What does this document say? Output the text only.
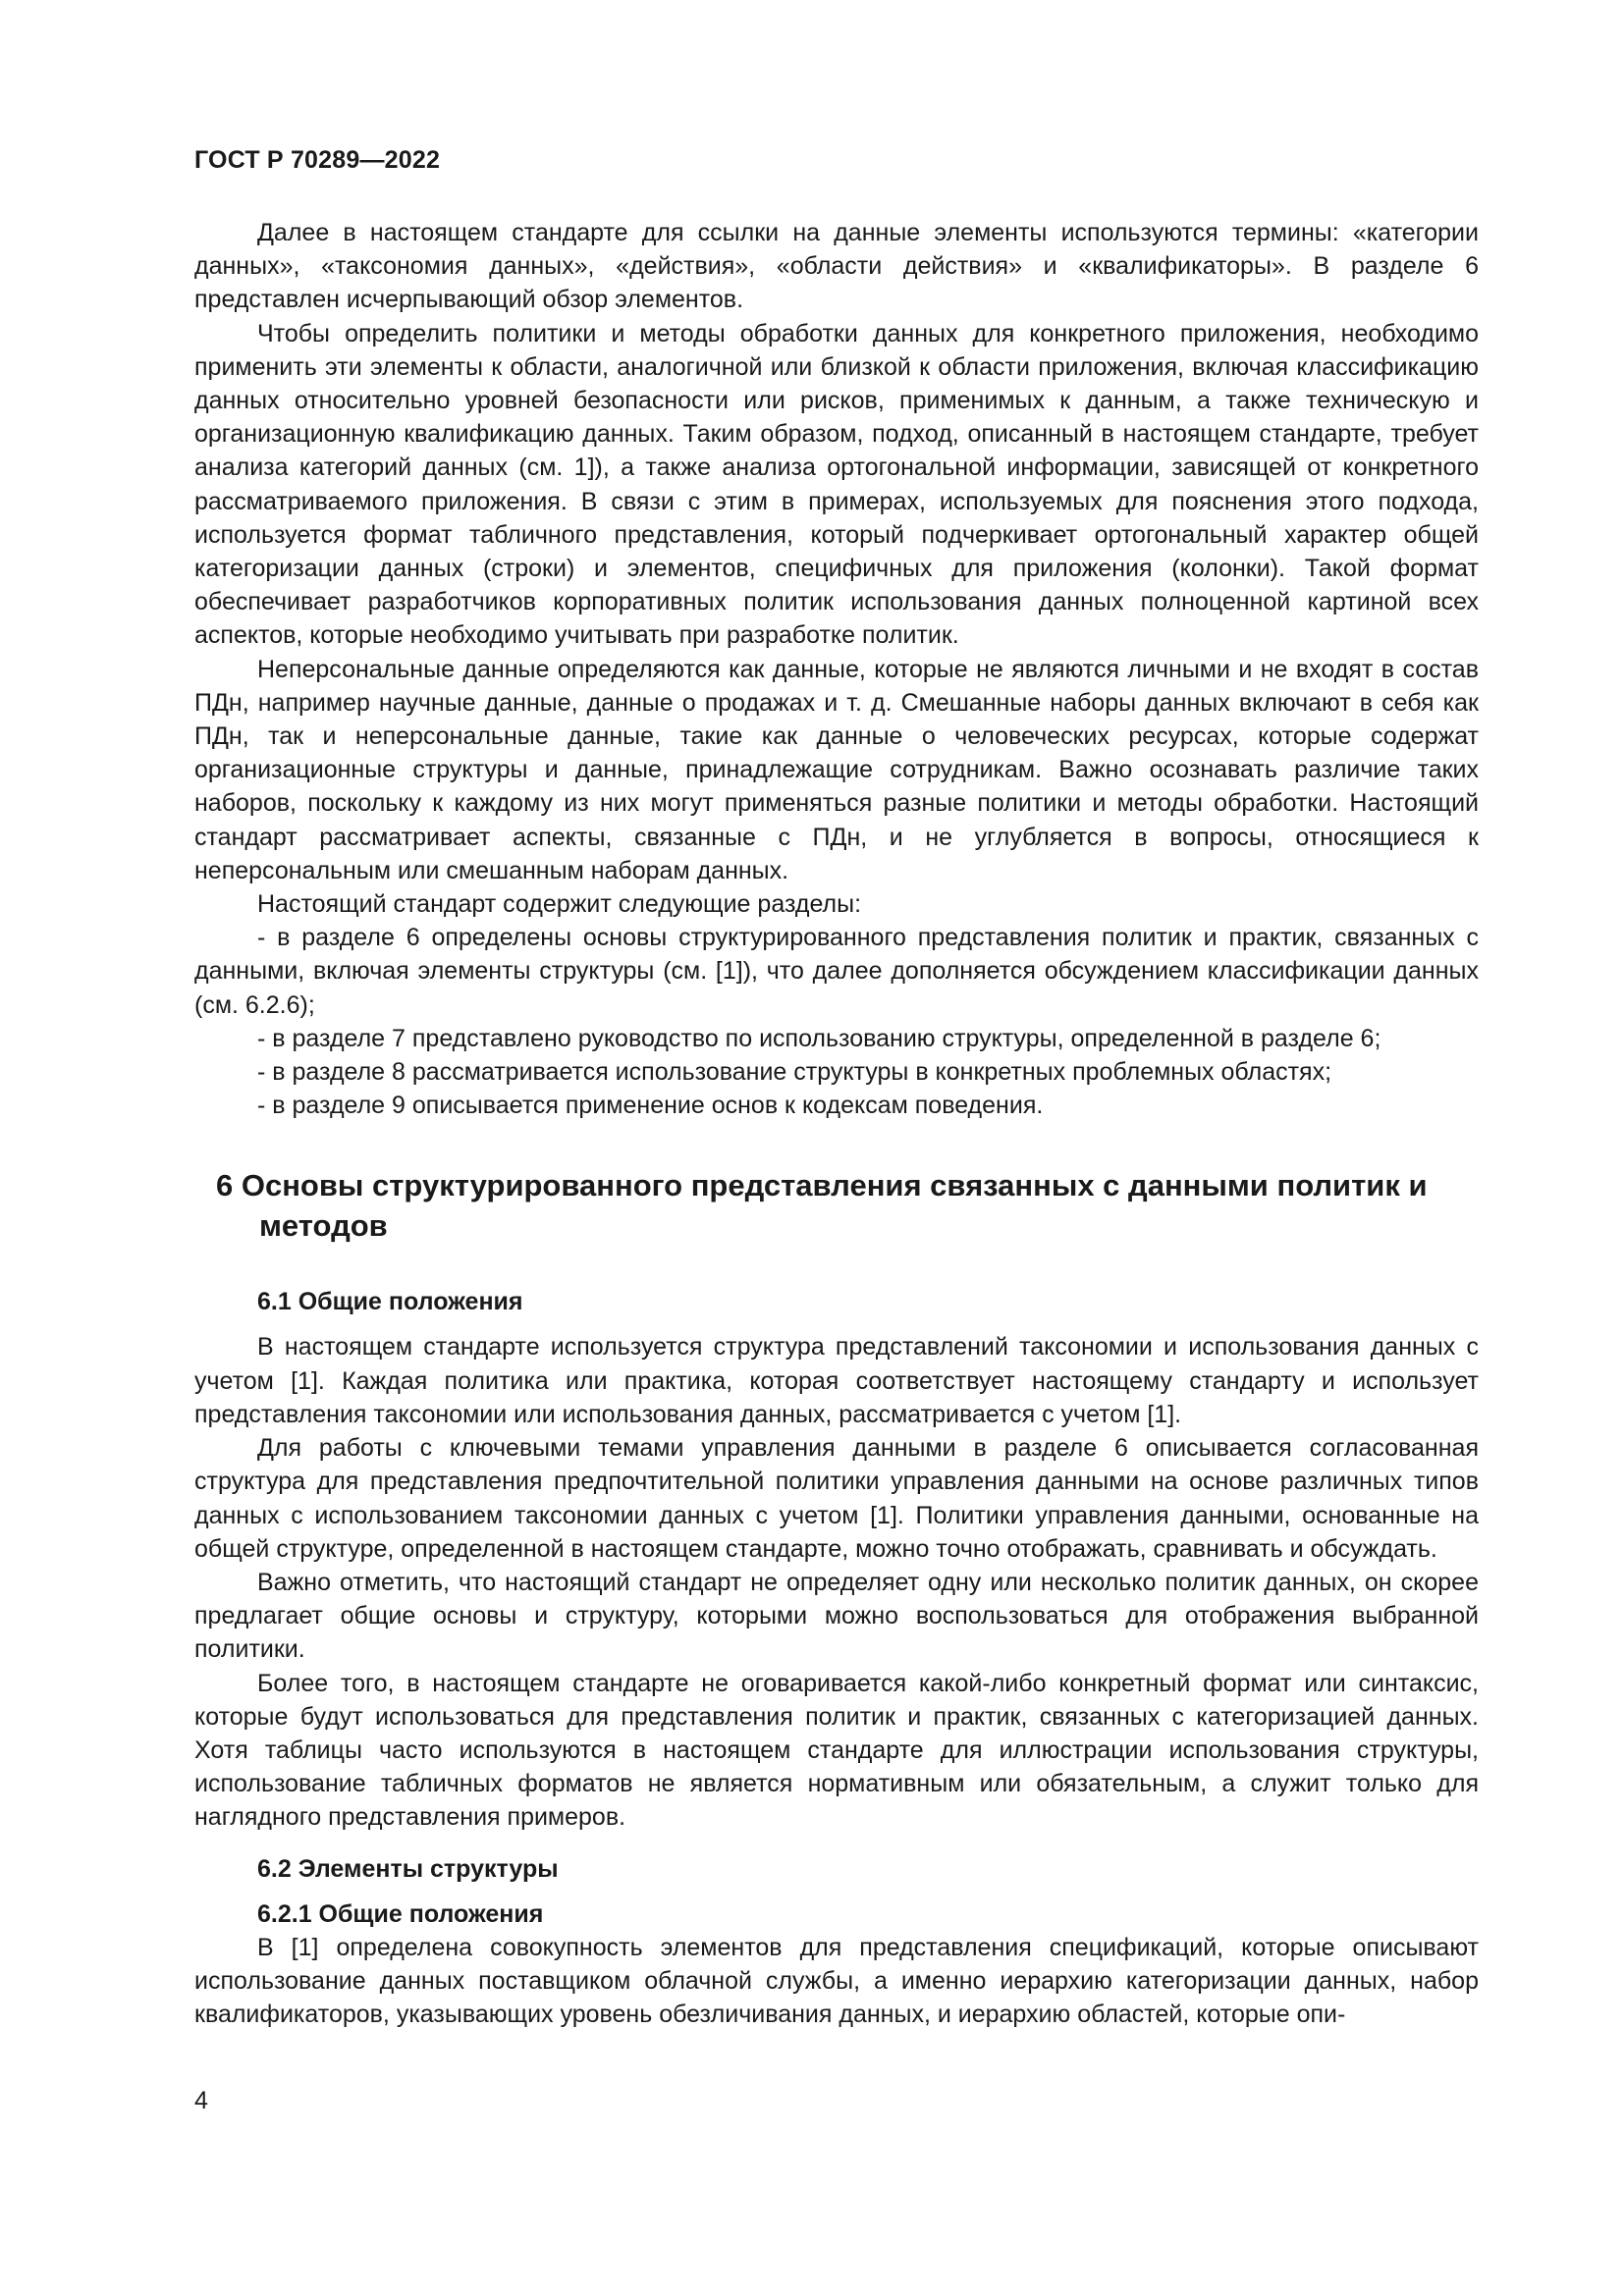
ГОСТ Р 70289—2022

Далее в настоящем стандарте для ссылки на данные элементы используются термины: «категории данных», «таксономия данных», «действия», «области действия» и «квалификаторы». В разделе 6 представлен исчерпывающий обзор элементов.

Чтобы определить политики и методы обработки данных для конкретного приложения, необходимо применить эти элементы к области, аналогичной или близкой к области приложения, включая классификацию данных относительно уровней безопасности или рисков, применимых к данным, а также техническую и организационную квалификацию данных. Таким образом, подход, описанный в настоящем стандарте, требует анализа категорий данных (см. 1]), а также анализа ортогональной информации, зависящей от конкретного рассматриваемого приложения. В связи с этим в примерах, используемых для пояснения этого подхода, используется формат табличного представления, который подчеркивает ортогональный характер общей категоризации данных (строки) и элементов, специфичных для приложения (колонки). Такой формат обеспечивает разработчиков корпоративных политик использования данных полноценной картиной всех аспектов, которые необходимо учитывать при разработке политик.

Неперсональные данные определяются как данные, которые не являются личными и не входят в состав ПДн, например научные данные, данные о продажах и т. д. Смешанные наборы данных включают в себя как ПДн, так и неперсональные данные, такие как данные о человеческих ресурсах, которые содержат организационные структуры и данные, принадлежащие сотрудникам. Важно осознавать различие таких наборов, поскольку к каждому из них могут применяться разные политики и методы обработки. Настоящий стандарт рассматривает аспекты, связанные с ПДн, и не углубляется в вопросы, относящиеся к неперсональным или смешанным наборам данных.

Настоящий стандарт содержит следующие разделы:

- в разделе 6 определены основы структурированного представления политик и практик, связанных с данными, включая элементы структуры (см. [1]), что далее дополняется обсуждением классификации данных (см. 6.2.6);

- в разделе 7 представлено руководство по использованию структуры, определенной в разделе 6;

- в разделе 8 рассматривается использование структуры в конкретных проблемных областях;

- в разделе 9 описывается применение основ к кодексам поведения.

6 Основы структурированного представления связанных с данными политик и методов
6.1 Общие положения

В настоящем стандарте используется структура представлений таксономии и использования данных с учетом [1]. Каждая политика или практика, которая соответствует настоящему стандарту и использует представления таксономии или использования данных, рассматривается с учетом [1].

Для работы с ключевыми темами управления данными в разделе 6 описывается согласованная структура для представления предпочтительной политики управления данными на основе различных типов данных с использованием таксономии данных с учетом [1]. Политики управления данными, основанные на общей структуре, определенной в настоящем стандарте, можно точно отображать, сравнивать и обсуждать.

Важно отметить, что настоящий стандарт не определяет одну или несколько политик данных, он скорее предлагает общие основы и структуру, которыми можно воспользоваться для отображения выбранной политики.

Более того, в настоящем стандарте не оговаривается какой-либо конкретный формат или синтаксис, которые будут использоваться для представления политик и практик, связанных с категоризацией данных. Хотя таблицы часто используются в настоящем стандарте для иллюстрации использования структуры, использование табличных форматов не является нормативным или обязательным, а служит только для наглядного представления примеров.

6.2 Элементы структуры
6.2.1 Общие положения

В [1] определена совокупность элементов для представления спецификаций, которые описывают использование данных поставщиком облачной службы, а именно иерархию категоризации данных, набор квалификаторов, указывающих уровень обезличивания данных, и иерархию областей, которые опи-

4
